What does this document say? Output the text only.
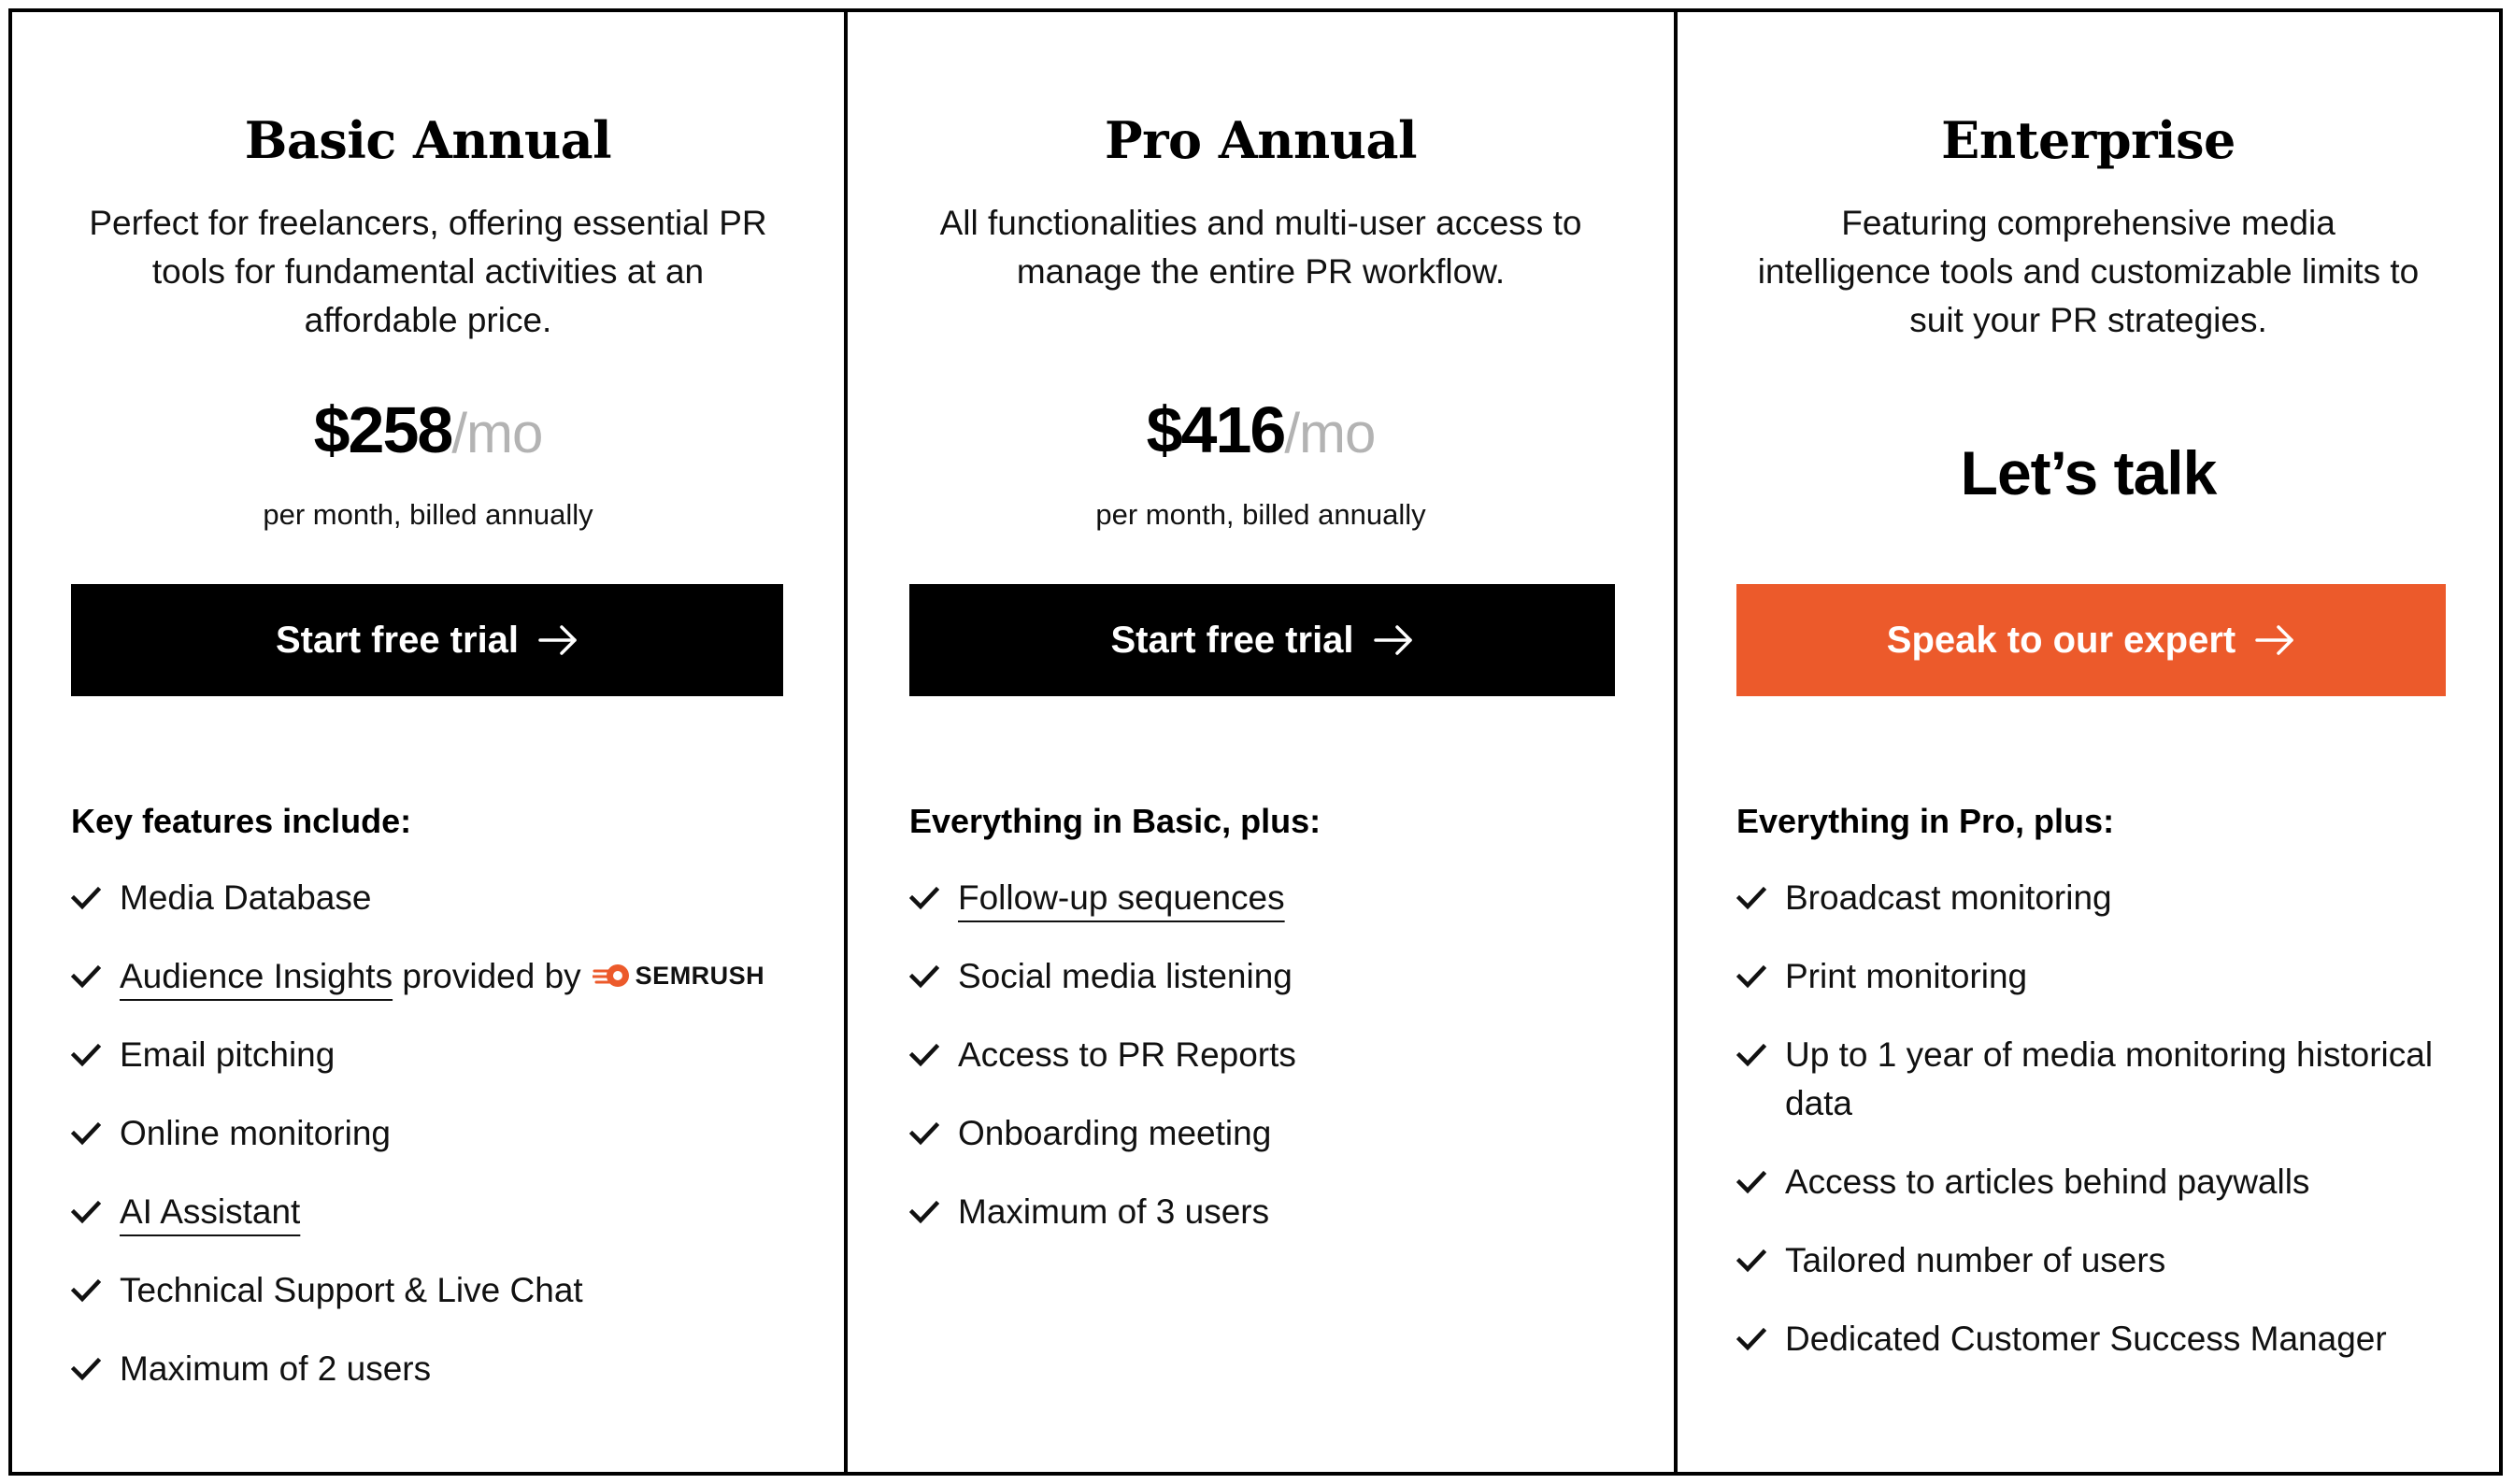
Basic Annual

Perfect for freelancers, offering essential PR tools for fundamental activities at an affordable price.

$258/mo

per month, billed annually

Start free trial
Key features include:
Media Database
Audience Insights provided by SEMRUSH
Email pitching
Online monitoring
AI Assistant
Technical Support & Live Chat
Maximum of 2 users
Pro Annual

All functionalities and multi-user access to manage the entire PR workflow.

$416/mo

per month, billed annually

Start free trial
Everything in Basic, plus:
Follow-up sequences
Social media listening
Access to PR Reports
Onboarding meeting
Maximum of 3 users
Enterprise

Featuring comprehensive media intelligence tools and customizable limits to suit your PR strategies.

Let’s talk
Speak to our expert
Everything in Pro, plus:
Broadcast monitoring
Print monitoring
Up to 1 year of media monitoring historical data
Access to articles behind paywalls
Tailored number of users
Dedicated Customer Success Manager
